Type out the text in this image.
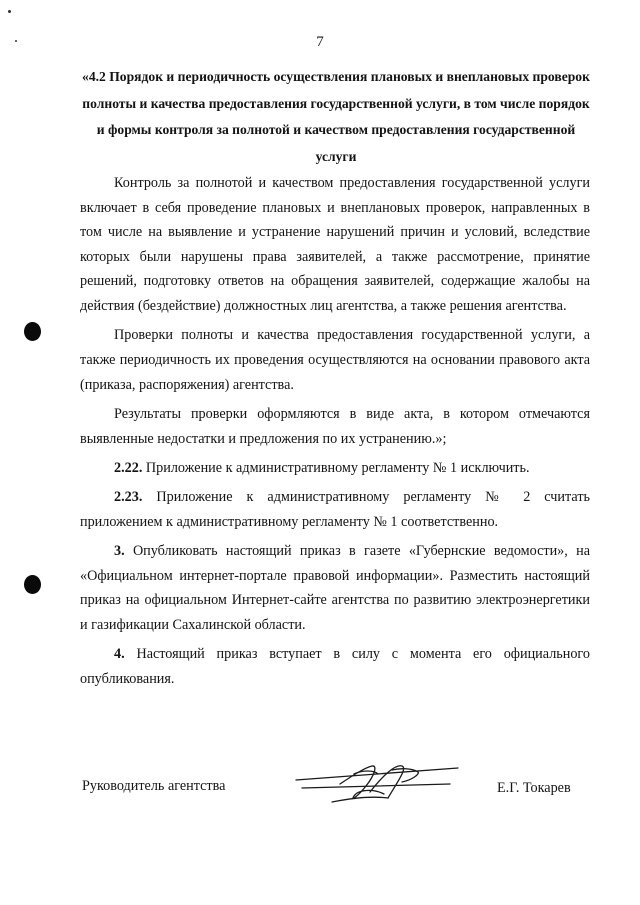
7
«4.2 Порядок и периодичность осуществления плановых и внеплановых проверок полноты и качества предоставления государственной услуги, в том числе порядок и формы контроля за полнотой и качеством предоставления государственной услуги

Контроль за полнотой и качеством предоставления государственной услуги включает в себя проведение плановых и внеплановых проверок, направленных в том числе на выявление и устранение нарушений причин и условий, вследствие которых были нарушены права заявителей, а также рассмотрение, принятие решений, подготовку ответов на обращения заявителей, содержащие жалобы на действия (бездействие) должностных лиц агентства, а также решения агентства.

Проверки полноты и качества предоставления государственной услуги, а также периодичность их проведения осуществляются на основании правового акта (приказа, распоряжения) агентства.

Результаты проверки оформляются в виде акта, в котором отмечаются выявленные недостатки и предложения по их устранению.»;

2.22. Приложение к административному регламенту № 1 исключить.

2.23. Приложение к административному регламенту № 2 считать приложением к административному регламенту № 1 соответственно.

3. Опубликовать настоящий приказ в газете «Губернские ведомости», на «Официальном интернет-портале правовой информации». Разместить настоящий приказ на официальном Интернет-сайте агентства по развитию электроэнергетики и газификации Сахалинской области.

4. Настоящий приказ вступает в силу с момента его официального опубликования.

Руководитель агентства	Е.Г. Токарев
